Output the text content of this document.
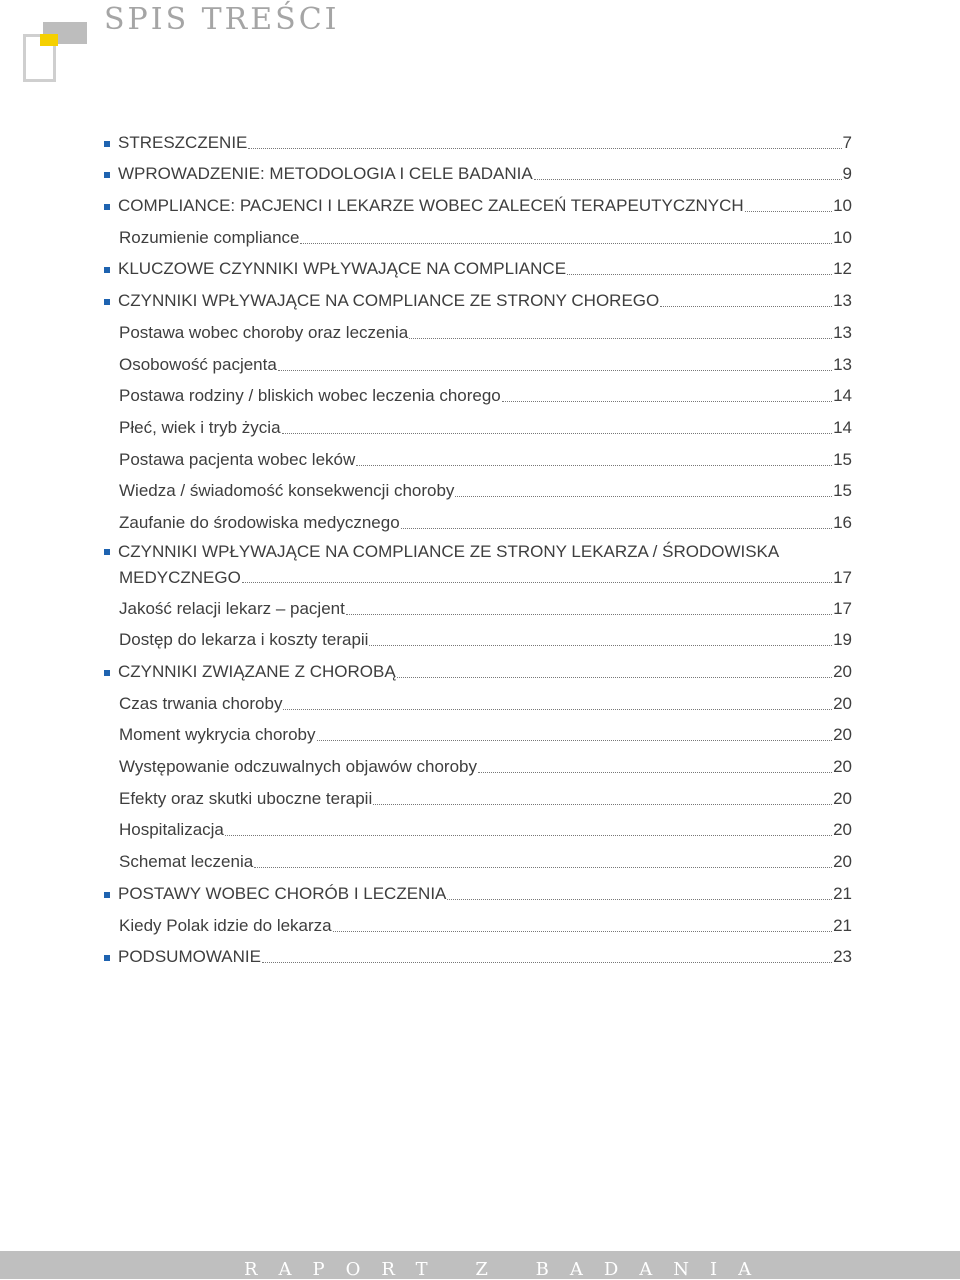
SPIS TREŚCI
STRESZCZENIE	7
WPROWADZENIE: METODOLOGIA I CELE BADANIA	9
COMPLIANCE: PACJENCI I LEKARZE WOBEC ZALECEŃ TERAPEUTYCZNYCH	10
Rozumienie compliance	10
KLUCZOWE CZYNNIKI WPŁYWAJĄCE NA COMPLIANCE	12
CZYNNIKI WPŁYWAJĄCE NA COMPLIANCE ZE STRONY CHOREGO	13
Postawa wobec choroby oraz leczenia	13
Osobowość pacjenta	13
Postawa rodziny / bliskich wobec leczenia chorego	14
Płeć, wiek i tryb życia	14
Postawa pacjenta wobec leków	15
Wiedza / świadomość konsekwencji choroby	15
Zaufanie do środowiska medycznego	16
CZYNNIKI WPŁYWAJĄCE NA COMPLIANCE ZE STRONY LEKARZA / ŚRODOWISKA
MEDYCZNEGO	17
Jakość relacji lekarz – pacjent	17
Dostęp do lekarza i koszty terapii	19
CZYNNIKI ZWIĄZANE Z CHOROBĄ	20
Czas trwania choroby	20
Moment wykrycia choroby	20
Występowanie odczuwalnych objawów choroby	20
Efekty oraz skutki uboczne terapii	20
Hospitalizacja	20
Schemat leczenia	20
POSTAWY WOBEC CHORÓB I LECZENIA	21
Kiedy Polak idzie do lekarza	21
PODSUMOWANIE	23
RAPORT Z BADANIA
